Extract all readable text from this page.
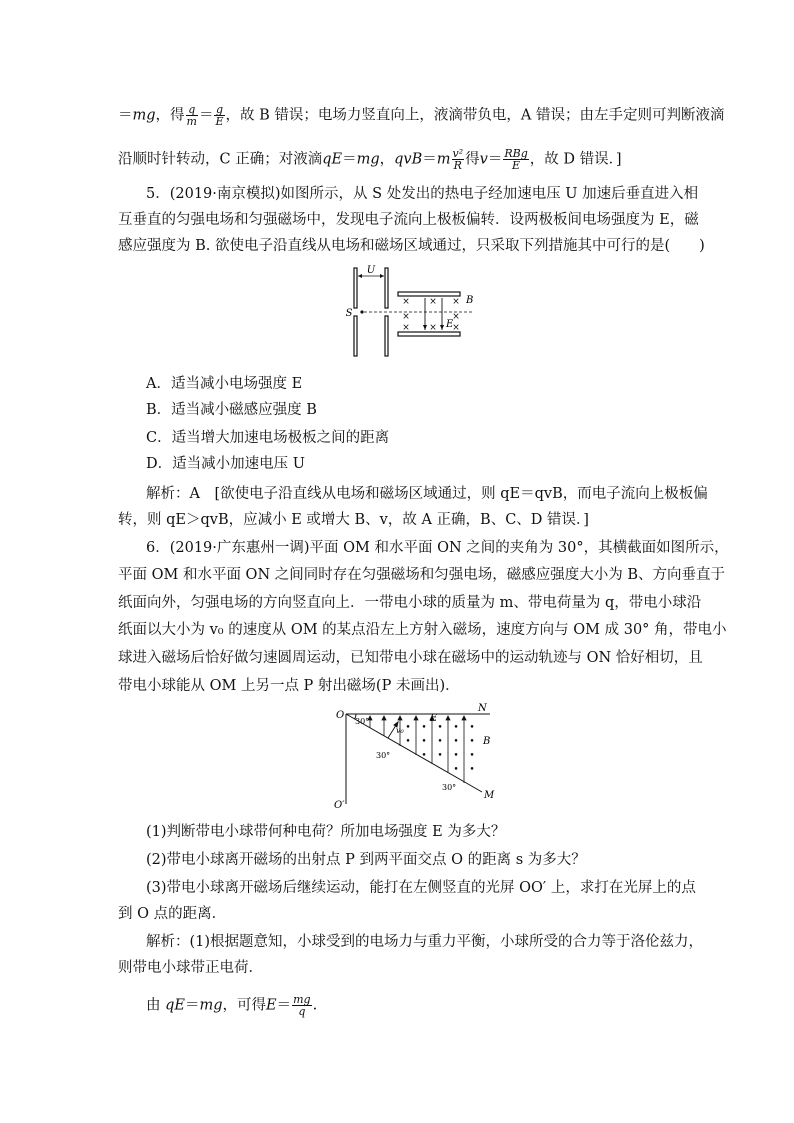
＝mg，得 $\frac{q}{m} = \frac{g}{E}$ ，故 B 错误；电场力竖直向上，液滴带负电，A 错误；由左手定则可判断液滴
沿顺时针转动，C 正确；对液滴qE＝mg，$qvB=m \frac{\text{v²}}{R}$ 得$v= \frac{\text{RBg}}{E}$ ，故 D 错误．]
5．(2019·南京模拟)如图所示，从 S 处发出的热电子经加速电压 U 加速后垂直进入相
互垂直的匀强电场和匀强磁场中，发现电子流向上极板偏转．设两极板间电场强度为 E，磁
感应强度为 B. 欲使电子沿直线从电场和磁场区域通过，只采取下列措施其中可行的是(　　)
U
S
× × ×
×	×
× × ×
B
E
A．适当减小电场强度 E
B．适当减小磁感应强度 B
C．适当增大加速电场极板之间的距离
D．适当减小加速电压 U
解析：A　[欲使电子沿直线从电场和磁场区域通过，则 qE＝qvB，而电子流向上极板偏
转，则 qE＞qvB，应减小 E 或增大 B、v，故 A 正确，B、C、D 错误．]
6．(2019·广东惠州一调)平面 OM 和水平面 ON 之间的夹角为 30°，其横截面如图所示，
平面 OM 和水平面 ON 之间同时存在匀强磁场和匀强电场，磁感应强度大小为 B、方向垂直于
纸面向外，匀强电场的方向竖直向上．一带电小球的质量为 m、带电荷量为 q，带电小球沿
纸面以大小为 v₀ 的速度从 OM 的某点沿左上方射入磁场，速度方向与 OM 成 30° 角，带电小
球进入磁场后恰好做匀速圆周运动，已知带电小球在磁场中的运动轨迹与 ON 恰好相切，且
带电小球能从 OM 上另一点 P 射出磁场(P 未画出)．
• • • • •
• • • • •
• • • •
• •
O
N
E
B
M
O′
v₀
30°
30°
30°
(1)判断带电小球带何种电荷？所加电场强度 E 为多大？
(2)带电小球离开磁场的出射点 P 到两平面交点 O 的距离 s 为多大？
(3)带电小球离开磁场后继续运动，能打在左侧竖直的光屏 OO′ 上，求打在光屏上的点
到 O 点的距离．
解析：(1)根据题意知，小球受到的电场力与重力平衡，小球所受的合力等于洛伦兹力，
则带电小球带正电荷．
由 qE＝mg，可得$E= \frac{mg}{q}$ .
